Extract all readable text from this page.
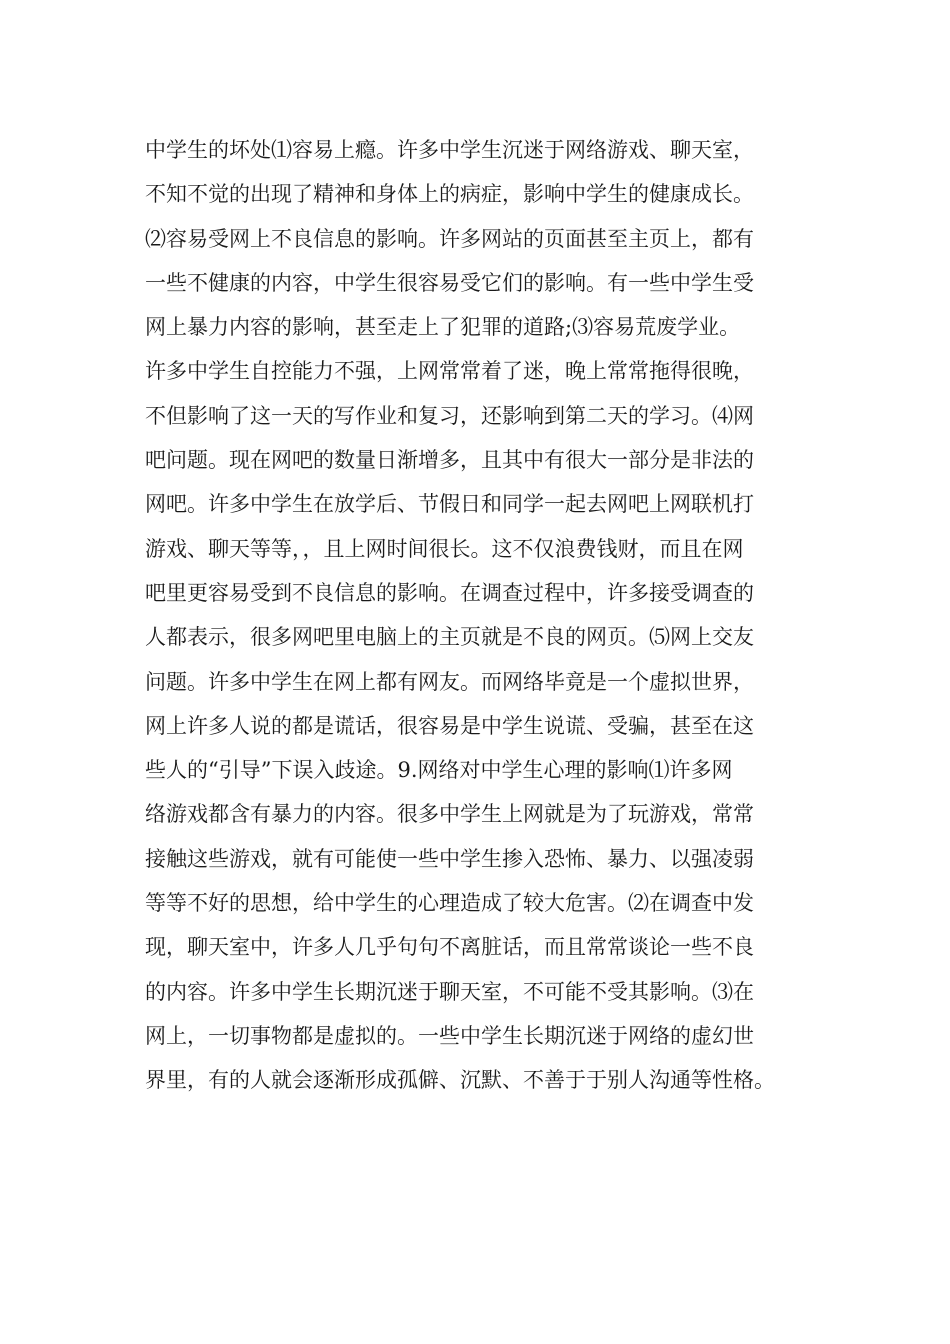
中学生的坏处⑴容易上瘾。许多中学生沉迷于网络游戏、聊天室，
不知不觉的出现了精神和身体上的病症，影响中学生的健康成长。
⑵容易受网上不良信息的影响。许多网站的页面甚至主页上，都有
一些不健康的内容，中学生很容易受它们的影响。有一些中学生受
网上暴力内容的影响，甚至走上了犯罪的道路;⑶容易荒废学业。
许多中学生自控能力不强，上网常常着了迷，晚上常常拖得很晚，
不但影响了这一天的写作业和复习，还影响到第二天的学习。⑷网
吧问题。现在网吧的数量日渐增多，且其中有很大一部分是非法的
网吧。许多中学生在放学后、节假日和同学一起去网吧上网联机打
游戏、聊天等等，，且上网时间很长。这不仅浪费钱财，而且在网
吧里更容易受到不良信息的影响。在调查过程中，许多接受调查的
人都表示，很多网吧里电脑上的主页就是不良的网页。⑸网上交友
问题。许多中学生在网上都有网友。而网络毕竟是一个虚拟世界，
网上许多人说的都是谎话，很容易是中学生说谎、受骗，甚至在这
些人的“引导”下误入歧途。9.网络对中学生心理的影响⑴许多网
络游戏都含有暴力的内容。很多中学生上网就是为了玩游戏，常常
接触这些游戏，就有可能使一些中学生掺入恐怖、暴力、以强凌弱
等等不好的思想，给中学生的心理造成了较大危害。⑵在调查中发
现，聊天室中，许多人几乎句句不离脏话，而且常常谈论一些不良
的内容。许多中学生长期沉迷于聊天室，不可能不受其影响。⑶在
网上，一切事物都是虚拟的。一些中学生长期沉迷于网络的虚幻世
界里，有的人就会逐渐形成孤僻、沉默、不善于于别人沟通等性格。
